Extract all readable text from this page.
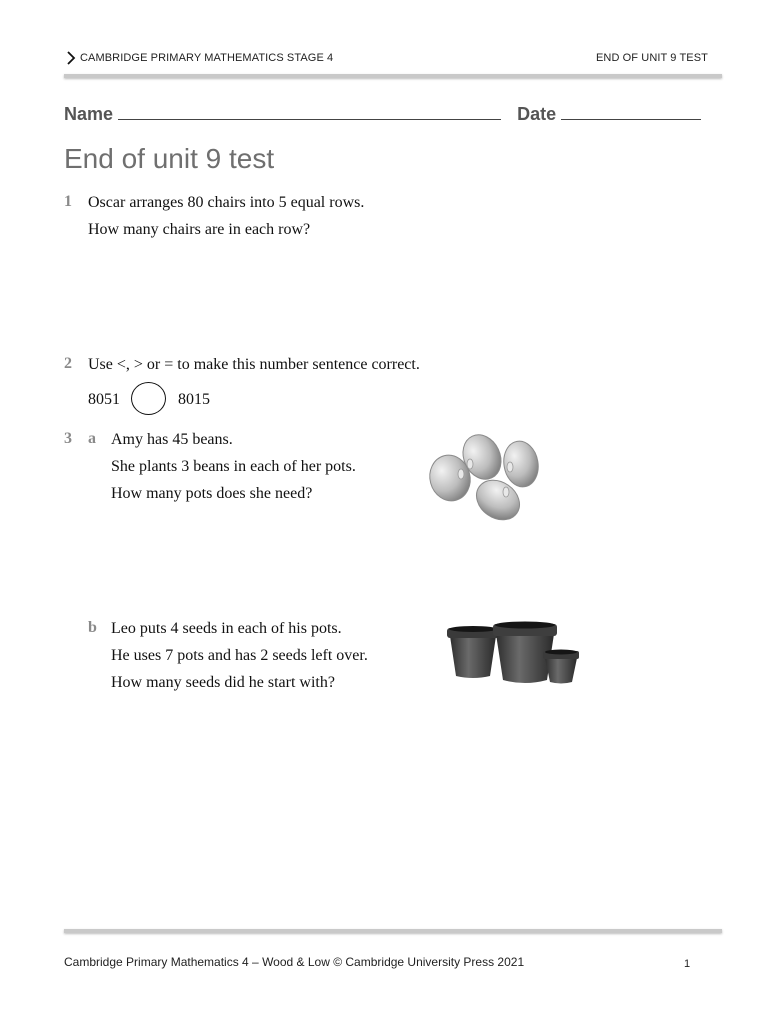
CAMBRIDGE PRIMARY MATHEMATICS STAGE 4	END OF UNIT 9 TEST
Name	Date
End of unit 9 test
1 Oscar arranges 80 chairs into 5 equal rows.
How many chairs are in each row?
2 Use <, > or = to make this number sentence correct.
8051	8015
3 a Amy has 45 beans.
She plants 3 beans in each of her pots.
How many pots does she need?
b Leo puts 4 seeds in each of his pots.
He uses 7 pots and has 2 seeds left over.
How many seeds did he start with?
Cambridge Primary Mathematics 4 – Wood & Low © Cambridge University Press 2021	1
